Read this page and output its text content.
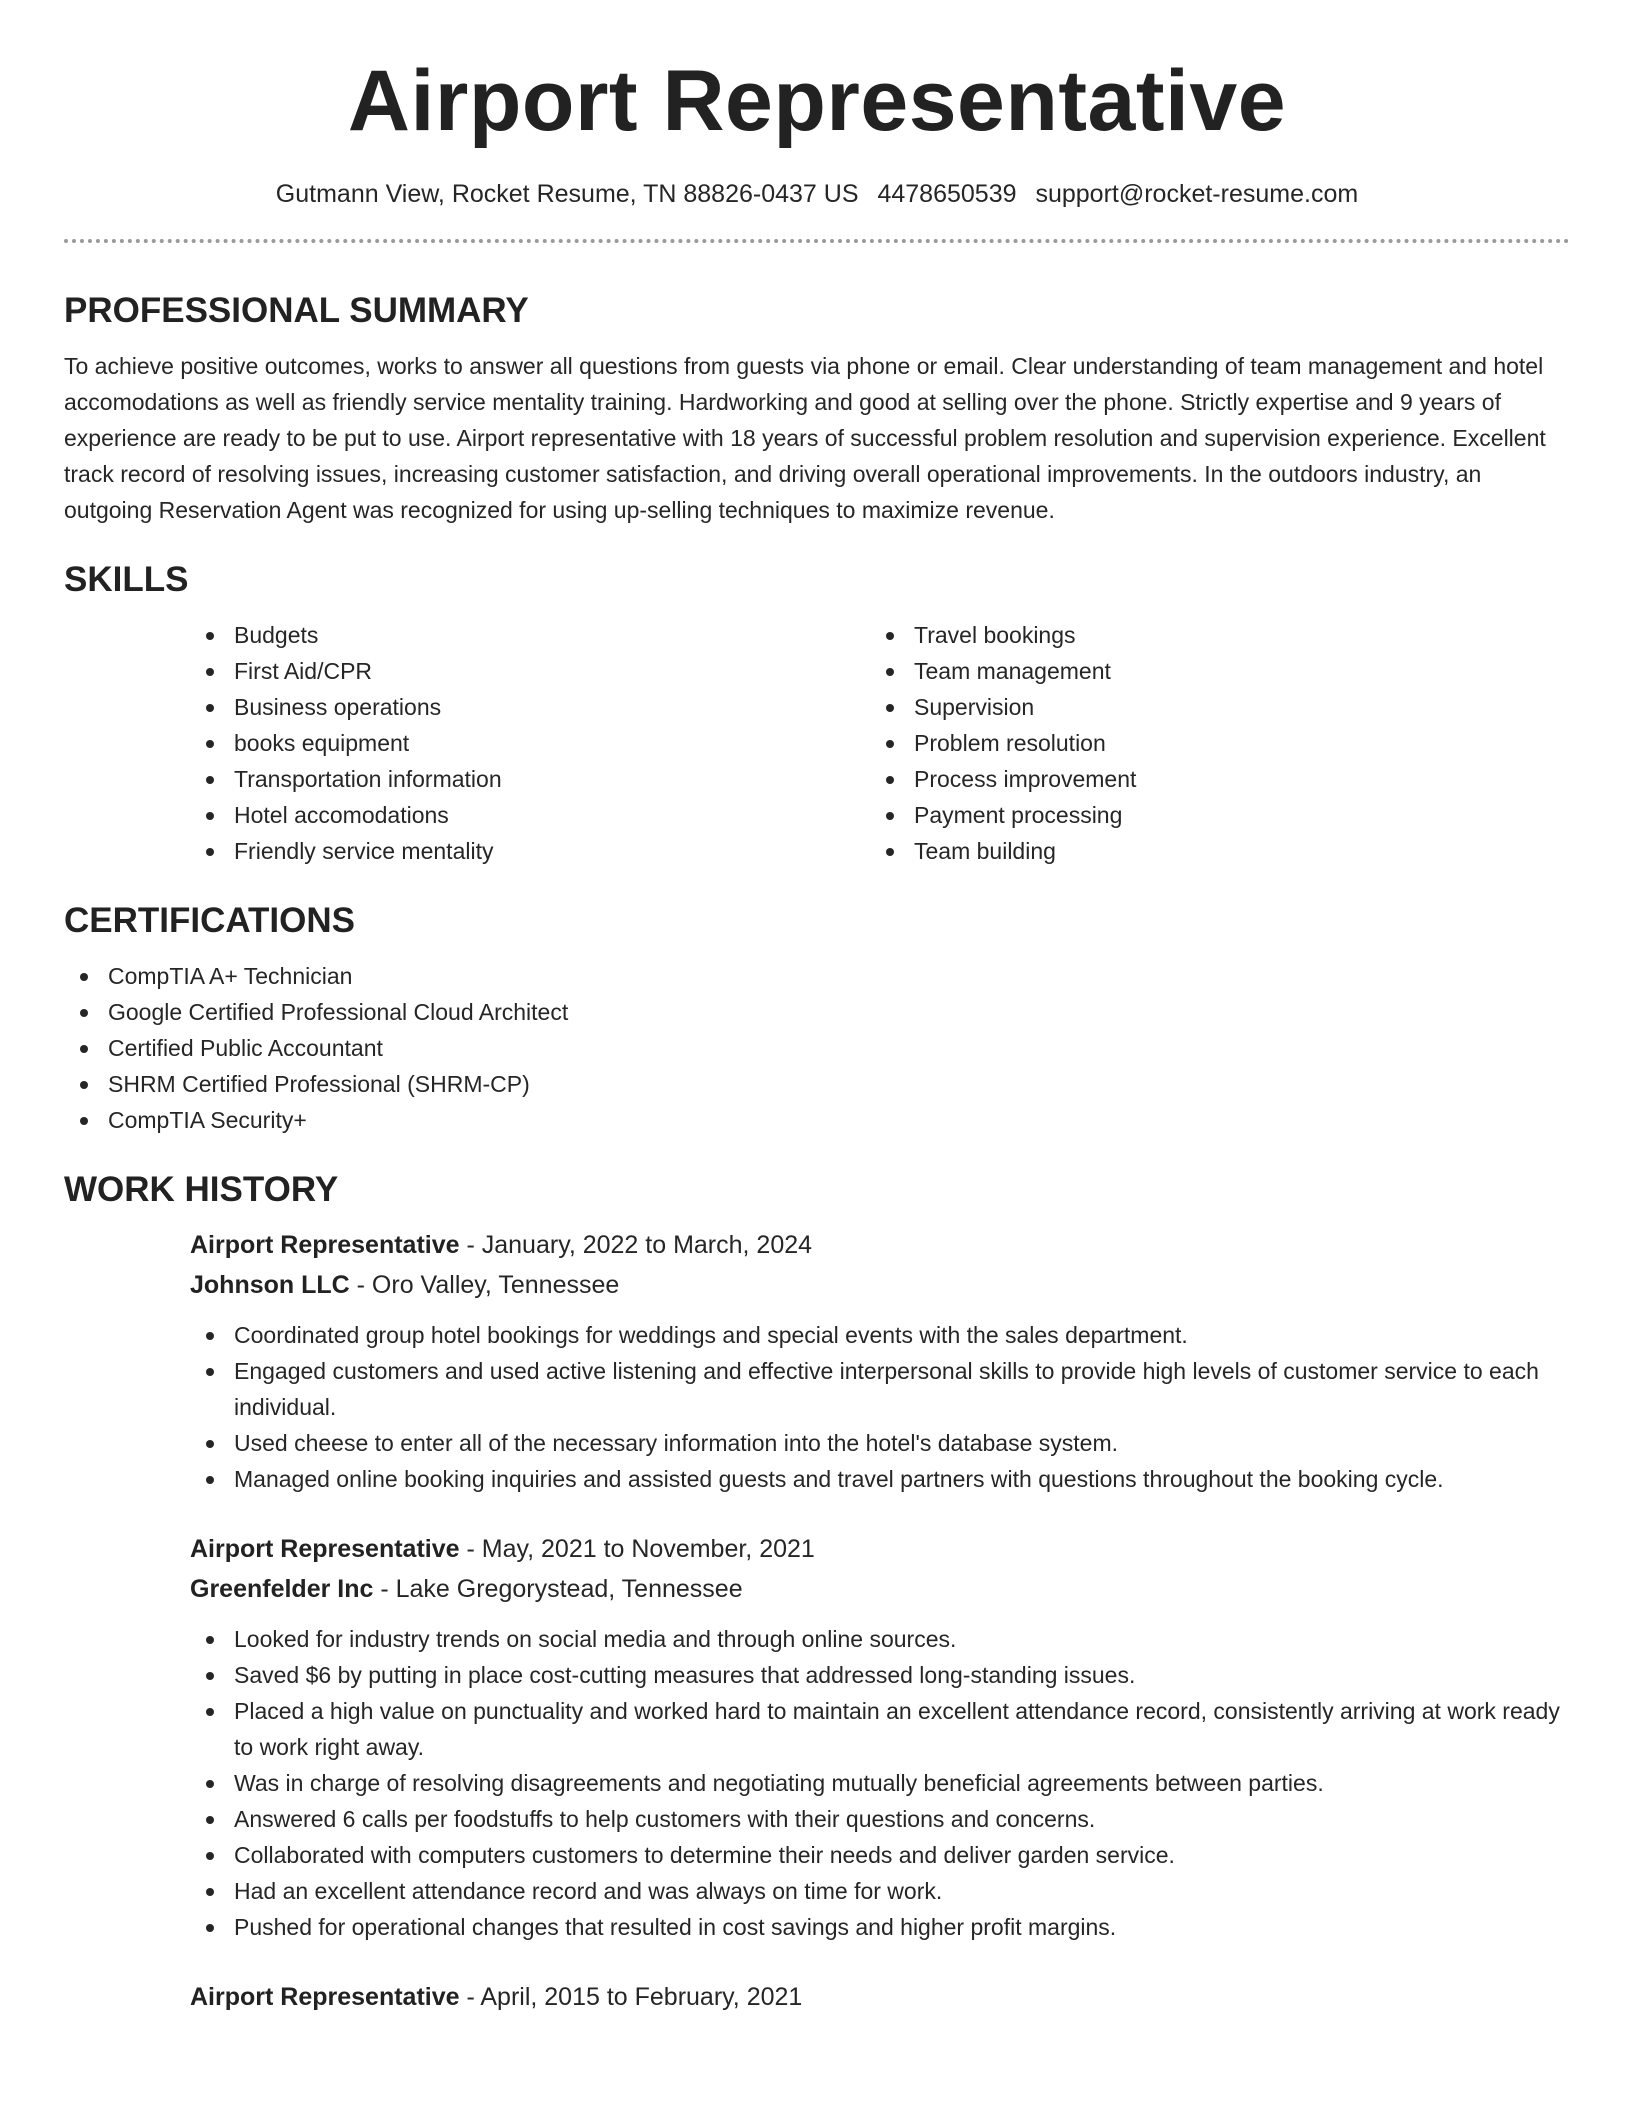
Airport Representative
Gutmann View, Rocket Resume, TN 88826-0437 US 4478650539 support@rocket-resume.com
PROFESSIONAL SUMMARY

To achieve positive outcomes, works to answer all questions from guests via phone or email. Clear understanding of team management and hotel accomodations as well as friendly service mentality training. Hardworking and good at selling over the phone. Strictly expertise and 9 years of experience are ready to be put to use. Airport representative with 18 years of successful problem resolution and supervision experience. Excellent track record of resolving issues, increasing customer satisfaction, and driving overall operational improvements. In the outdoors industry, an outgoing Reservation Agent was recognized for using up-selling techniques to maximize revenue.

SKILLS
Budgets
First Aid/CPR
Business operations
books equipment
Transportation information
Hotel accomodations
Friendly service mentality
Travel bookings
Team management
Supervision
Problem resolution
Process improvement
Payment processing
Team building
CERTIFICATIONS
CompTIA A+ Technician
Google Certified Professional Cloud Architect
Certified Public Accountant
SHRM Certified Professional (SHRM-CP)
CompTIA Security+
WORK HISTORY
Airport Representative - January, 2022 to March, 2024
Johnson LLC - Oro Valley, Tennessee
Coordinated group hotel bookings for weddings and special events with the sales department.
Engaged customers and used active listening and effective interpersonal skills to provide high levels of customer service to each individual.
Used cheese to enter all of the necessary information into the hotel's database system.
Managed online booking inquiries and assisted guests and travel partners with questions throughout the booking cycle.
Airport Representative - May, 2021 to November, 2021
Greenfelder Inc - Lake Gregorystead, Tennessee
Looked for industry trends on social media and through online sources.
Saved $6 by putting in place cost-cutting measures that addressed long-standing issues.
Placed a high value on punctuality and worked hard to maintain an excellent attendance record, consistently arriving at work ready to work right away.
Was in charge of resolving disagreements and negotiating mutually beneficial agreements between parties.
Answered 6 calls per foodstuffs to help customers with their questions and concerns.
Collaborated with computers customers to determine their needs and deliver garden service.
Had an excellent attendance record and was always on time for work.
Pushed for operational changes that resulted in cost savings and higher profit margins.
Airport Representative - April, 2015 to February, 2021
